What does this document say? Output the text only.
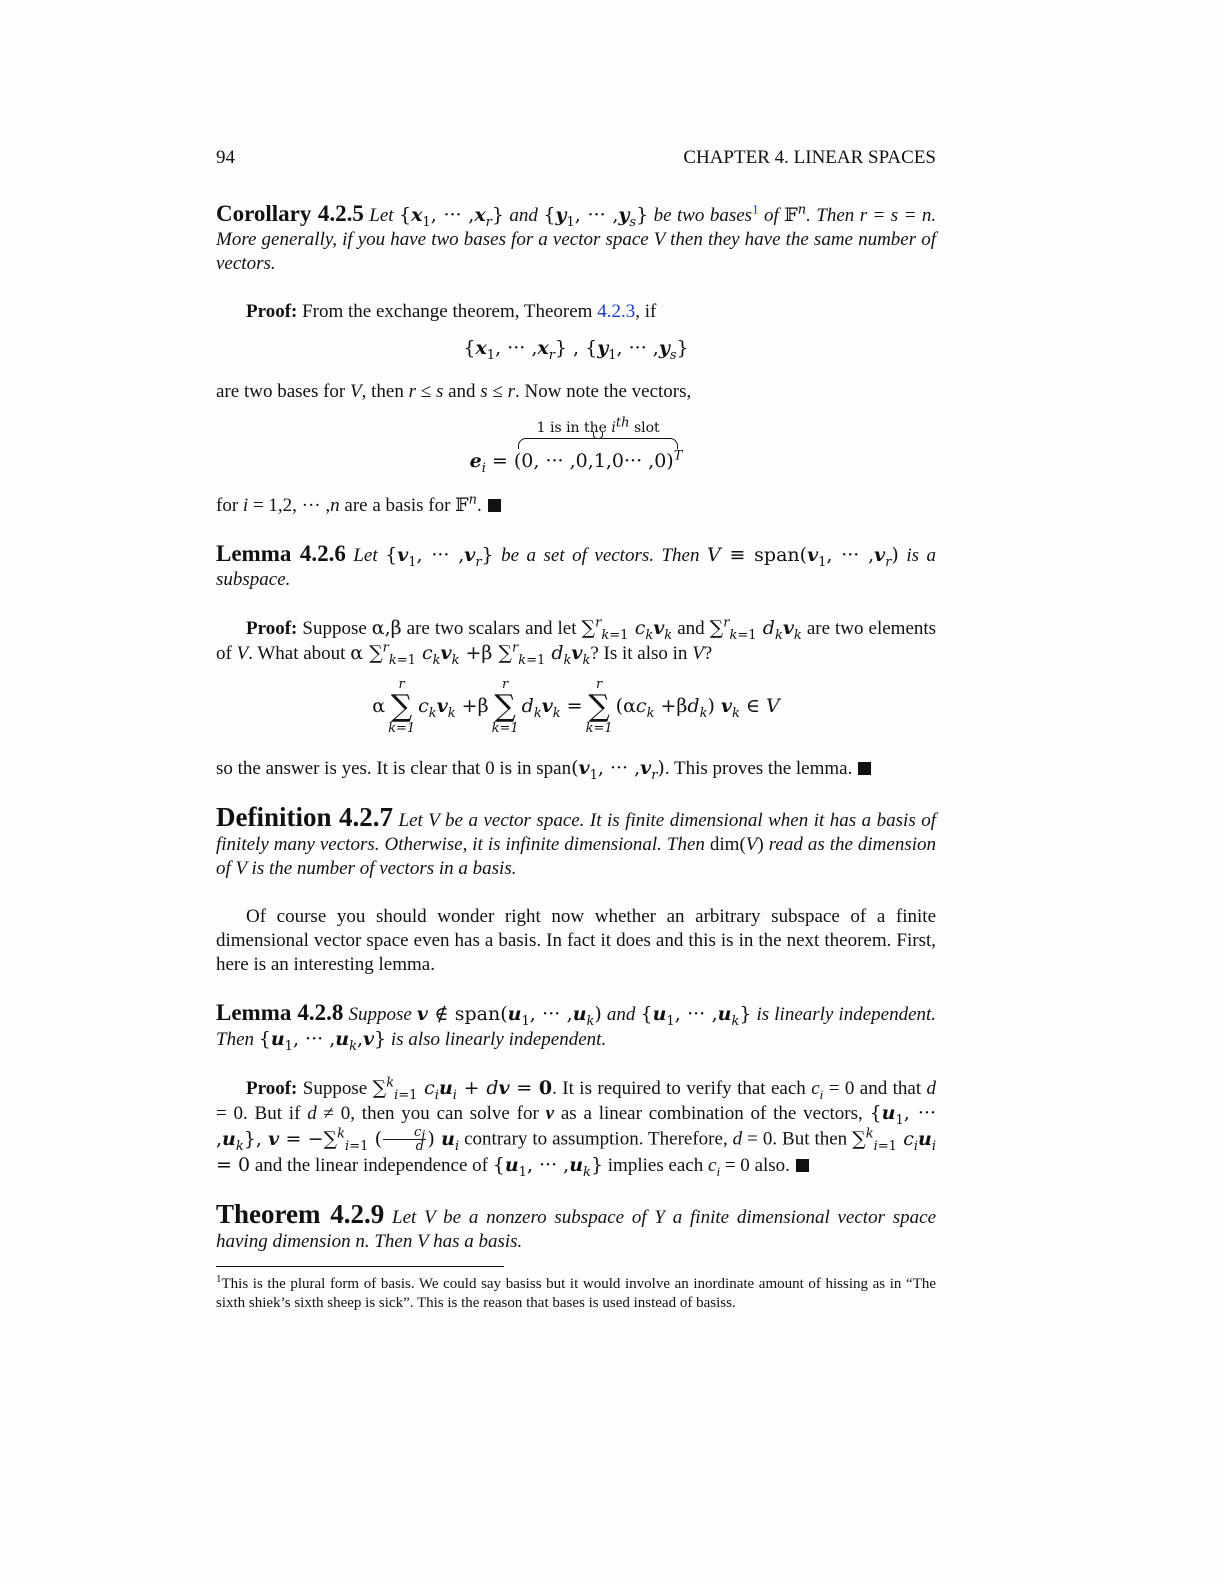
94	CHAPTER 4. LINEAR SPACES

Corollary 4.2.5 Let {$x_1$, ··· $,x_r$} and {$y_1$, ··· $,y_s$} be two bases$^1$ of 𝔽$^n$. Then r = s = n. More generally, if you have two bases for a vector space V then they have the same number of vectors.

Proof: From the exchange theorem, Theorem 4.2.3, if

{$x_1$, ··· $,x_r$} , {$y_1$, ··· $,y_s$}

are two bases for V, then r ≤ s and s ≤ r. Now note the vectors,

$e_i$ =
1 is in the $i^{th}$ slot
(0, ··· ,0,1,0··· ,0)$^T$

for i = 1,2, ··· ,n are a basis for 𝔽$^n$.

Lemma 4.2.6 Let {$v_1$, ··· $,v_r$} be a set of vectors. Then $V \equiv span(v_1$, ··· $,v_r$) is a subspace.

Proof: Suppose α,β are two scalars and let ∑$^r_{k=1}$ $c_kv_k$ and ∑$^r_{k=1}$ $d_kv_k$ are two elements of V. What about α ∑$^r_{k=1}$ $c_kv_k +\beta$ ∑$^r_{k=1}$ $d_kv_k$? Is it also in V?

α
r
∑
k=1
$c_kv_k +\beta$
r
∑
k=1
$d_kv_k$ =
r
∑
k=1
$(\alpha c_k +\beta d_k)$ $v_k$ ∈ V

so the answer is yes. It is clear that 0 is in $span(v_1$, ··· $,v_r$). This proves the lemma.

Definition 4.2.7 Let V be a vector space. It is finite dimensional when it has a basis of finitely many vectors. Otherwise, it is infinite dimensional. Then dim(V) read as the dimension of V is the number of vectors in a basis.

Of course you should wonder right now whether an arbitrary subspace of a finite dimensional vector space even has a basis. In fact it does and this is in the next theorem. First, here is an interesting lemma.

Lemma 4.2.8 Suppose v ∉ $span(u_1$, ··· $,u_k$) and {$u_1$, ··· $,u_k$} is linearly independent. Then {$u_1$, ··· $,u_k,v$} is also linearly independent.

Proof: Suppose ∑$^k_{i=1}$ $c_iu_i$ + dv = 0. It is required to verify that each $c_i = 0$ and that d = 0. But if d ≠ 0, then you can solve for v as a linear combination of the vectors, {$u_1$, ··· $,u_k$}, v = −∑$^k_{i=1}$ ( $\frac{c_i}{d}$ ) $u_i$ contrary to assumption. Therefore, d = 0. But then ∑$^k_{i=1}$ $c_iu_i = 0$ and the linear independence of {$u_1$, ··· $,u_k$} implies each $c_i = 0$ also.

Theorem 4.2.9 Let V be a nonzero subspace of Y a finite dimensional vector space having dimension n. Then V has a basis.

$^1$This is the plural form of basis. We could say basiss but it would involve an inordinate amount of hissing as in “The sixth shiek’s sixth sheep is sick”. This is the reason that bases is used instead of basiss.
